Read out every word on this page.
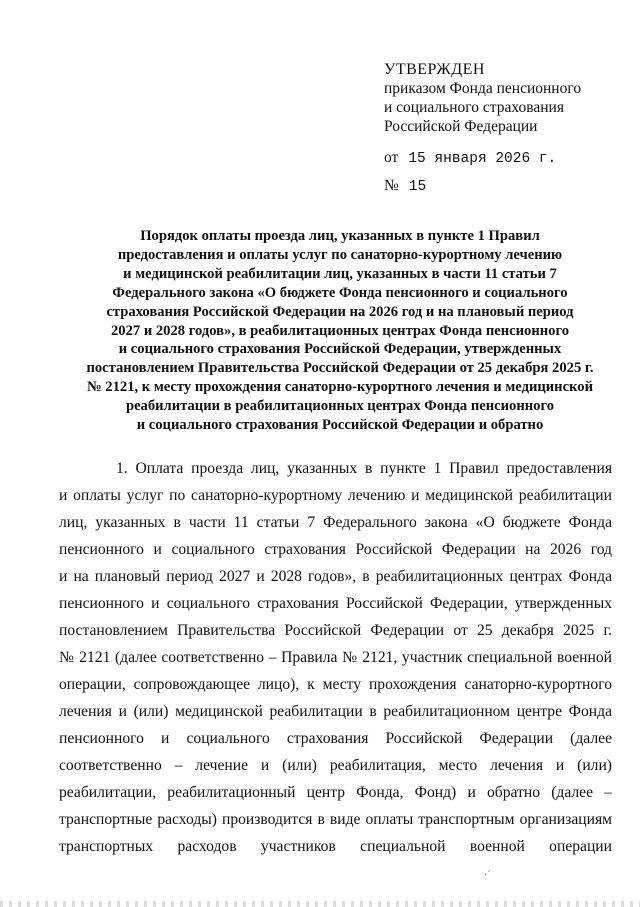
УТВЕРЖДЕН
приказом Фонда пенсионного
и социального страхования
Российской Федерации
от 15 января 2026 г.
№ 15
Порядок оплаты проезда лиц, указанных в пункте 1 Правил
предоставления и оплаты услуг по санаторно-курортному лечению
и медицинской реабилитации лиц, указанных в части 11 статьи 7
Федерального закона «О бюджете Фонда пенсионного и социального
страхования Российской Федерации на 2026 год и на плановый период
2027 и 2028 годов», в реабилитационных центрах Фонда пенсионного
и социального страхования Российской Федерации, утвержденных
постановлением Правительства Российской Федерации от 25 декабря 2025 г.
№ 2121, к месту прохождения санаторно-курортного лечения и медицинской
реабилитации в реабилитационных центрах Фонда пенсионного
и социального страхования Российской Федерации и обратно
1. Оплата проезда лиц, указанных в пункте 1 Правил предоставления
и оплаты услуг по санаторно-курортному лечению и медицинской реабилитации
лиц, указанных в части 11 статьи 7 Федерального закона «О бюджете Фонда
пенсионного и социального страхования Российской Федерации на 2026 год
и на плановый период 2027 и 2028 годов», в реабилитационных центрах Фонда
пенсионного и социального страхования Российской Федерации, утвержденных
постановлением Правительства Российской Федерации от 25 декабря 2025 г.
№ 2121 (далее соответственно – Правила № 2121, участник специальной военной
операции, сопровождающее лицо), к месту прохождения санаторно-курортного
лечения и (или) медицинской реабилитации в реабилитационном центре Фонда
пенсионного и социального страхования Российской Федерации (далее
соответственно – лечение и (или) реабилитация, место лечения и (или)
реабилитации, реабилитационный центр Фонда, Фонд) и обратно (далее –
транспортные расходы) производится в виде оплаты транспортным организациям
транспортных расходов участников специальной военной операции
·´
